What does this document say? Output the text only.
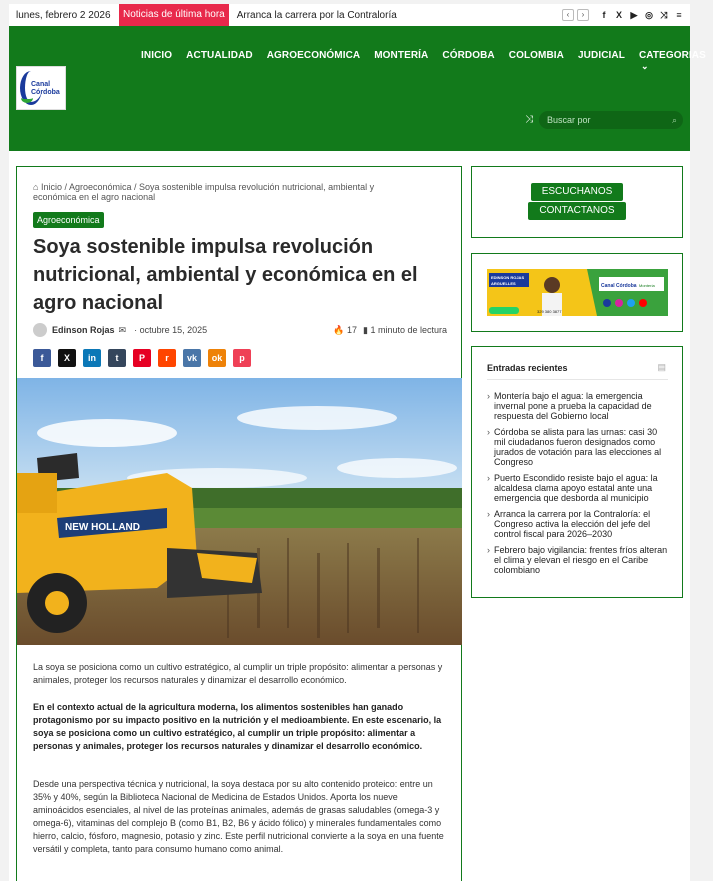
lunes, febrero 2 2026	Noticias de última hora	Arranca la carrera por la Contraloría	‹	›	f	X ▶ ◎ ⤨ ≡
Canal
Córdoba
INICIO	ACTUALIDAD	AGROECONÓMICA	MONTERÍA	CÓRDOBA	COLOMBIA	JUDICIAL	CATEGORIAS⌄
⤨	Buscar por	⌕
⌂ Inicio / Agroeconómica / Soya sostenible impulsa revolución nutricional, ambiental y económica en el agro nacional
Agroeconómica
Soya sostenible impulsa revolución nutricional, ambiental y económica en el agro nacional
Edinson Rojas ✉ · octubre 15, 2025	🔥 17 ▮ 1 minuto de lectura
f	X	in	t	P	r	vk	ok	p
NEW HOLLAND

La soya se posiciona como un cultivo estratégico, al cumplir un triple propósito: alimentar a personas y animales, proteger los recursos naturales y dinamizar el desarrollo económico.

En el contexto actual de la agricultura moderna, los alimentos sostenibles han ganado protagonismo por su impacto positivo en la nutrición y el medioambiente. En este escenario, la soya se posiciona como un cultivo estratégico, al cumplir un triple propósito: alimentar a personas y animales, proteger los recursos naturales y dinamizar el desarrollo económico.

Desde una perspectiva técnica y nutricional, la soya destaca por su alto contenido proteico: entre un 35% y 40%, según la Biblioteca Nacional de Medicina de Estados Unidos. Aporta los nueve aminoácidos esenciales, al nivel de las proteínas animales, además de grasas saludables (omega-3 y omega-6), vitaminas del complejo B (como B1, B2, B6 y ácido fólico) y minerales fundamentales como hierro, calcio, fósforo, magnesio, potasio y zinc. Este perfil nutricional convierte a la soya en una fuente versátil y completa, tanto para consumo humano como animal.

ESCUCHANOS
CONTACTANOS
EDINSON ROJAS
ARGUELLES	Canal Córdoba Montería
329 380 3877
Entradas recientes	▤
› Montería bajo el agua: la emergencia invernal pone a prueba la capacidad de respuesta del Gobierno local
› Córdoba se alista para las urnas: casi 30 mil ciudadanos fueron designados como jurados de votación para las elecciones al Congreso
› Puerto Escondido resiste bajo el agua: la alcaldesa clama apoyo estatal ante una emergencia que desborda al municipio
› Arranca la carrera por la Contraloría: el Congreso activa la elección del jefe del control fiscal para 2026–2030
› Febrero bajo vigilancia: frentes fríos alteran el clima y elevan el riesgo en el Caribe colombiano
